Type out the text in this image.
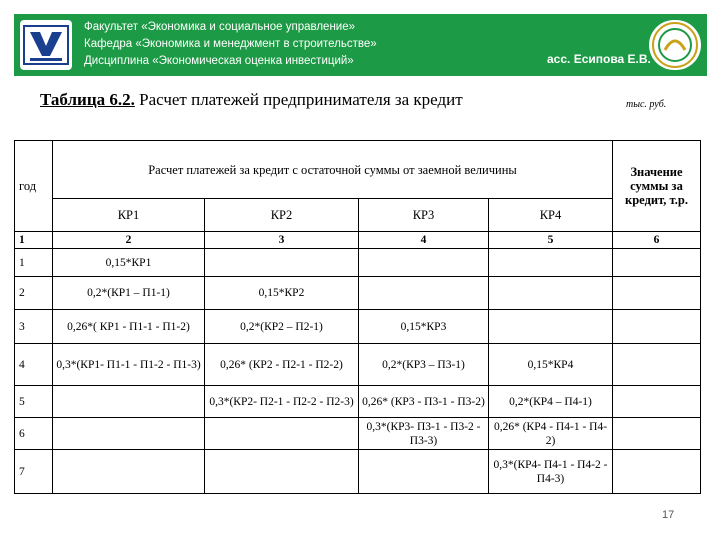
Факультет «Экономика и социальное управление»
Кафедра «Экономика и менеджмент в строительстве»
Дисциплина «Экономическая оценка инвестиций»	асс. Есипова Е.В.
Таблица 6.2. Расчет платежей предпринимателя за кредит	тыс. руб.
год	Расчет платежей за кредит с остаточной суммы от заемной величины				Значение суммы за кредит, т.р.
	КР1	КР2	КР3	КР4	
1	2	3	4	5	6
1	0,15*КР1				
2	0,2*(КР1 – П1-1)	0,15*КР2			
3	0,26*( КР1 - П1-1 - П1-2)	0,2*(КР2 – П2-1)	0,15*КР3		
4	0,3*(КР1- П1-1 - П1-2 - П1-3)	0,26* (КР2 - П2-1 - П2-2)	0,2*(КР3 – П3-1)	0,15*КР4	
5		0,3*(КР2- П2-1 - П2-2 - П2-3)	0,26* (КР3 - П3-1 - П3-2)	0,2*(КР4 – П4-1)	
6			0,3*(КР3- П3-1 - П3-2 - П3-3)	0,26* (КР4 - П4-1 - П4-2)	
7				0,3*(КР4- П4-1 - П4-2 - П4-3)	
17
